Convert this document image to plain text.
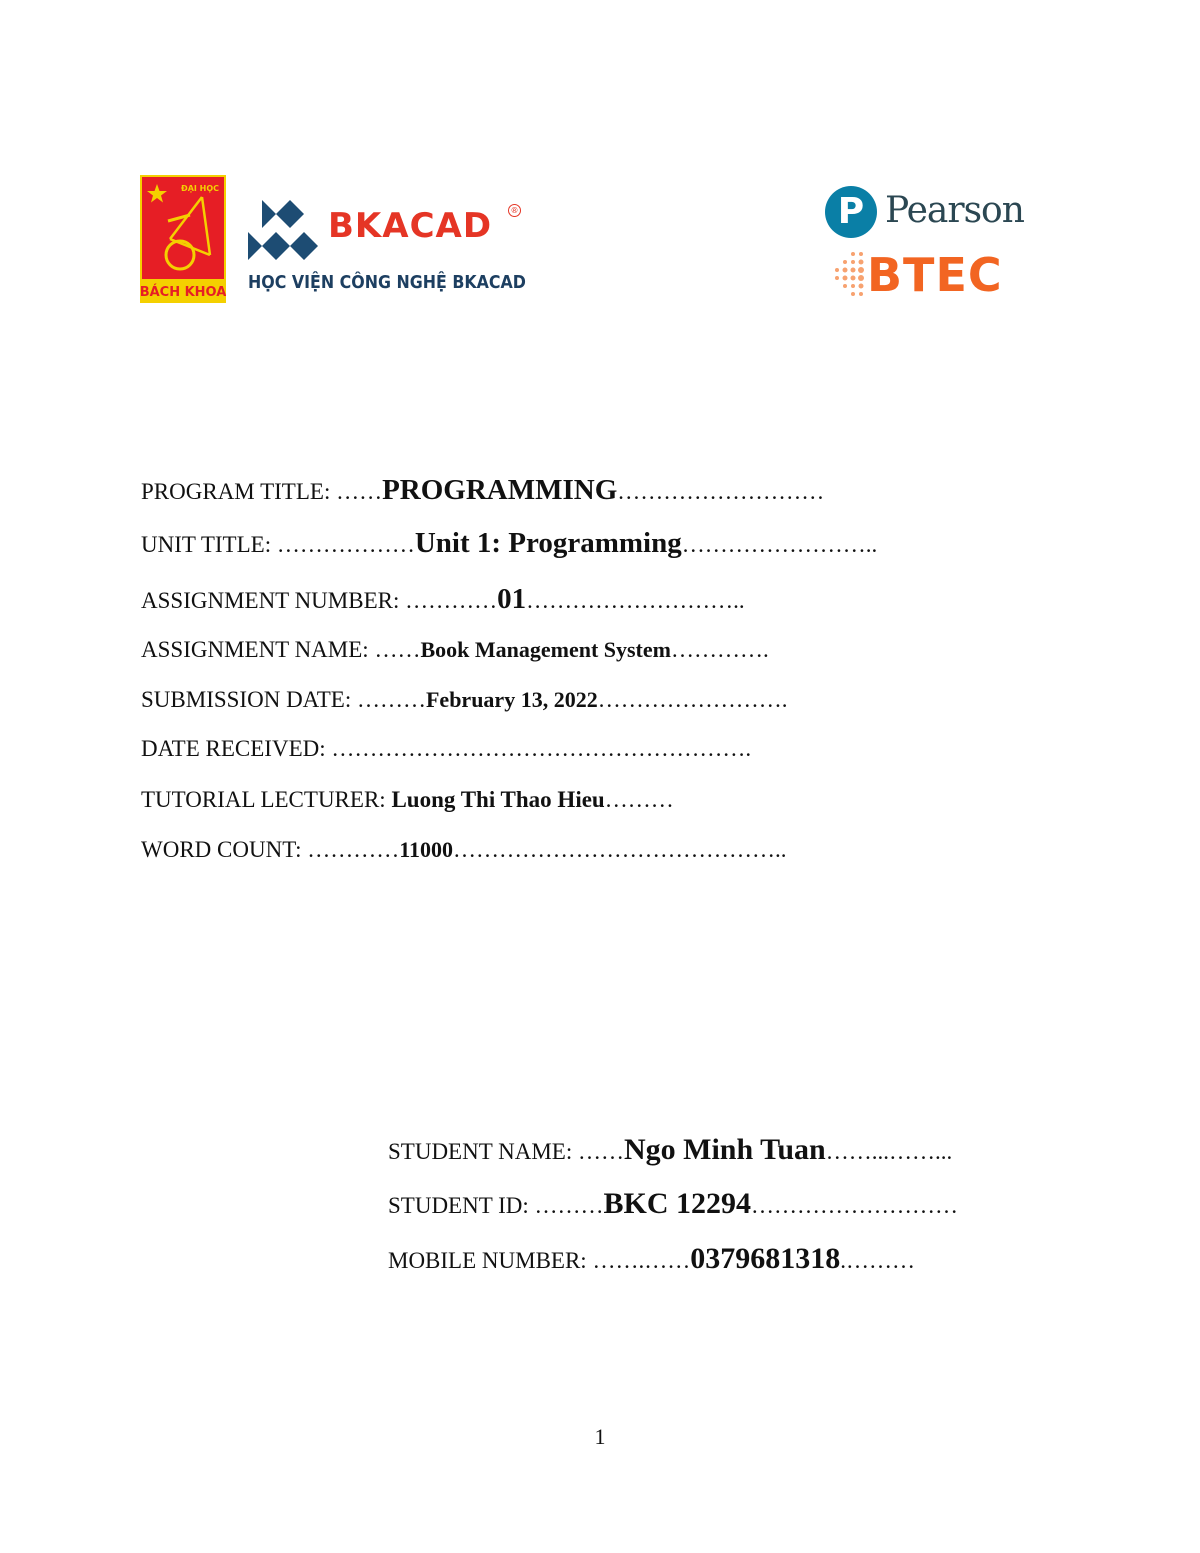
ĐẠI HỌC
BÁCH KHOA
BKACAD	®
HỌC VIỆN CÔNG NGHỆ BKACAD
P Pearson
BTEC
PROGRAM TITLE: ……PROGRAMMING………………………
UNIT TITLE: ………………Unit 1: Programming……………………..
ASSIGNMENT NUMBER: …………01………………………..
ASSIGNMENT NAME: ……Book Management System………….
SUBMISSION DATE: ………February 13, 2022…………………….
DATE RECEIVED: ……………………………………………….
TUTORIAL LECTURER: Luong Thi Thao Hieu………
WORD COUNT: …………11000……………………………………..
STUDENT NAME: ……Ngo Minh Tuan……...……...
STUDENT ID: ………BKC 12294………………………
MOBILE NUMBER: …….……0379681318.………
1
